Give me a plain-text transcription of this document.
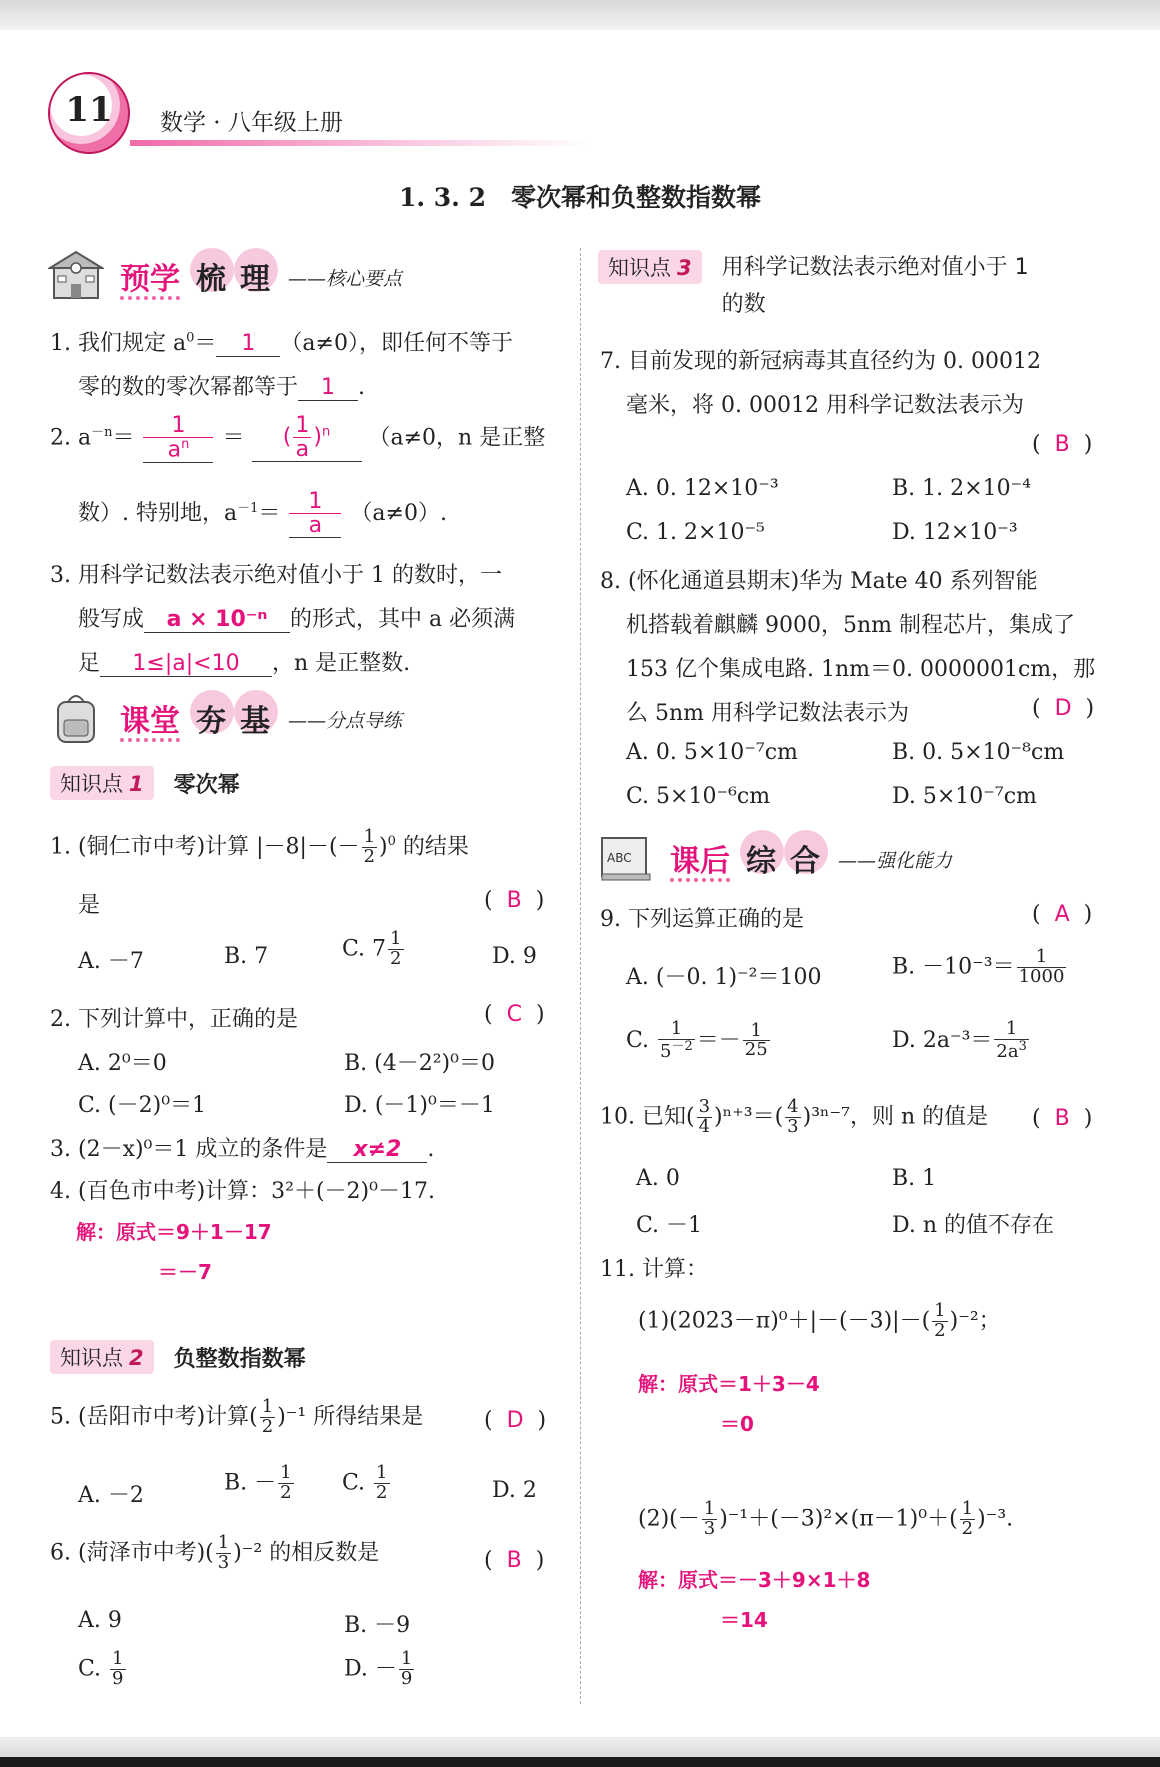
11	数学 · 八年级上册
1. 3. 2　零次幂和负整数指数幂
预学 梳 理 ——核心要点
1. 我们规定 $a^0= 1$ （a≠0），即任何不等于
零的数的零次幂都等于 1 .
2. $a^{-n}= \frac{1}{a^n}$ ＝ ( $\frac{1}{a} )^n$ （a≠0，n 是正整
数）. 特别地，$a^{-1}= \frac{1}{a} (a\ne 0)$.
3. 用科学记数法表示绝对值小于 1 的数时，一
般写成 a × 10⁻ⁿ 的形式，其中 a 必须满
足 1≤|a|<10 ，n 是正整数.
课堂 夯 基 ——分点导练
知识点 1	零次幂
1. (铜仁市中考)计算 $|-8|-(- \frac{1}{2} )^0$ 的结果
是	( B )
A. －7	B. 7	C. $7 \frac{1}{2}$	D. 9
2. 下列计算中，正确的是	( C )
A. 2⁰＝0	B. (4－2²)⁰＝0
C. (－2)⁰＝1	D. (－1)⁰＝－1
3. (2－x)⁰＝1 成立的条件是 x≠2 .
4. (百色市中考)计算：3²＋(－2)⁰－17.
解：原式＝9＋1－17
＝－7
知识点 2	负整数指数幂
5. (岳阳市中考)计算( $\frac{1}{2} )^{-1}$ 所得结果是	( D )
A. －2
B. － $\frac{1}{2} C$. $\frac{1}{2}$	D. 2
6. (菏泽市中考)( $\frac{1}{3} )^{-2}$ 的相反数是	( B )
A. 9	B. －9
C. $\frac{1}{9}$	D. － $\frac{1}{9}$
知识点 3	用科学记数法表示绝对值小于 1
的数
7. 目前发现的新冠病毒其直径约为 0. 00012
毫米，将 0. 00012 用科学记数法表示为
( B )
A. 0. 12×10⁻³	B. 1. 2×10⁻⁴
C. 1. 2×10⁻⁵	D. 12×10⁻³
8. (怀化通道县期末)华为 Mate 40 系列智能
机搭载着麒麟 9000，5nm 制程芯片，集成了
153 亿个集成电路. 1nm＝0. 0000001cm，那
么 5nm 用科学记数法表示为	( D )
A. 0. 5×10⁻⁷cm	B. 0. 5×10⁻⁸cm
C. 5×10⁻⁶cm	D. 5×10⁻⁷cm
ABC 课后 综 合 ——强化能力
9. 下列运算正确的是	( A )
A. (－0. 1)⁻²＝100	B. $-10^{-3}= \frac{1}{1000}$
C. $\frac{1}{5^{-2}} =- \frac{1}{25}$	D. $2a^{-3}= \frac{1}{2a^3}$
10. 已知( $\frac{3}{4} )^{n+3}=( \frac{4}{3} )^{3n-7}$，则 n 的值是 ( B )
A. 0	B. 1
C. －1	D. n 的值不存在
11. 计算：
$(1)(2023-\pi)^0+|-(-3)|-( \frac{1}{2} )^{-2}$；
解：原式＝1＋3－4
＝0
$(2)(- \frac{1}{3} )^{-1}+(-3)^2\times(\pi-1)^0+( \frac{1}{2} )^{-3}$.
解：原式＝－3＋9×1＋8
＝14
